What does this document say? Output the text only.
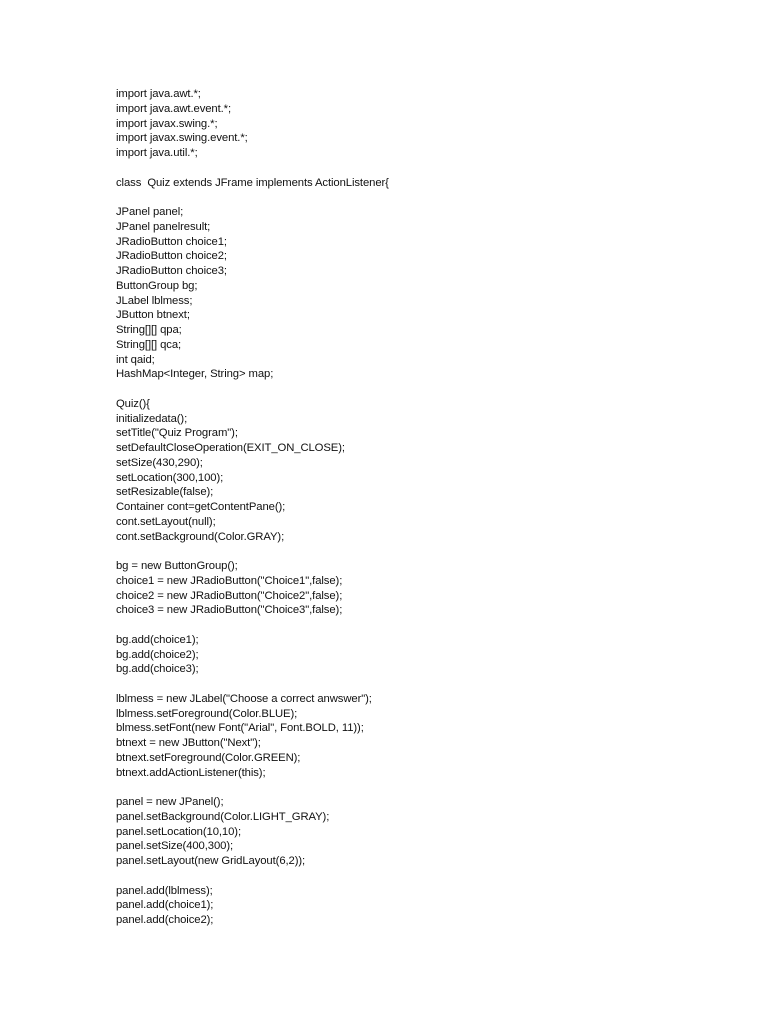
import java.awt.*;
import java.awt.event.*;
import javax.swing.*;
import javax.swing.event.*;
import java.util.*;
class  Quiz extends JFrame implements ActionListener{
JPanel panel;
JPanel panelresult;
JRadioButton choice1;
JRadioButton choice2;
JRadioButton choice3;
ButtonGroup bg;
JLabel lblmess;
JButton btnext;
String[][] qpa;
String[][] qca;
int qaid;
HashMap<Integer, String> map;
Quiz(){
initializedata();
setTitle("Quiz Program");
setDefaultCloseOperation(EXIT_ON_CLOSE);
setSize(430,290);
setLocation(300,100);
setResizable(false);
Container cont=getContentPane();
cont.setLayout(null);
cont.setBackground(Color.GRAY);
bg = new ButtonGroup();
choice1 = new JRadioButton("Choice1",false);
choice2 = new JRadioButton("Choice2",false);
choice3 = new JRadioButton("Choice3",false);
bg.add(choice1);
bg.add(choice2);
bg.add(choice3);
lblmess = new JLabel("Choose a correct anwswer");
lblmess.setForeground(Color.BLUE);
blmess.setFont(new Font("Arial", Font.BOLD, 11));
btnext = new JButton("Next");
btnext.setForeground(Color.GREEN);
btnext.addActionListener(this);
panel = new JPanel();
panel.setBackground(Color.LIGHT_GRAY);
panel.setLocation(10,10);
panel.setSize(400,300);
panel.setLayout(new GridLayout(6,2));
panel.add(lblmess);
panel.add(choice1);
panel.add(choice2);
